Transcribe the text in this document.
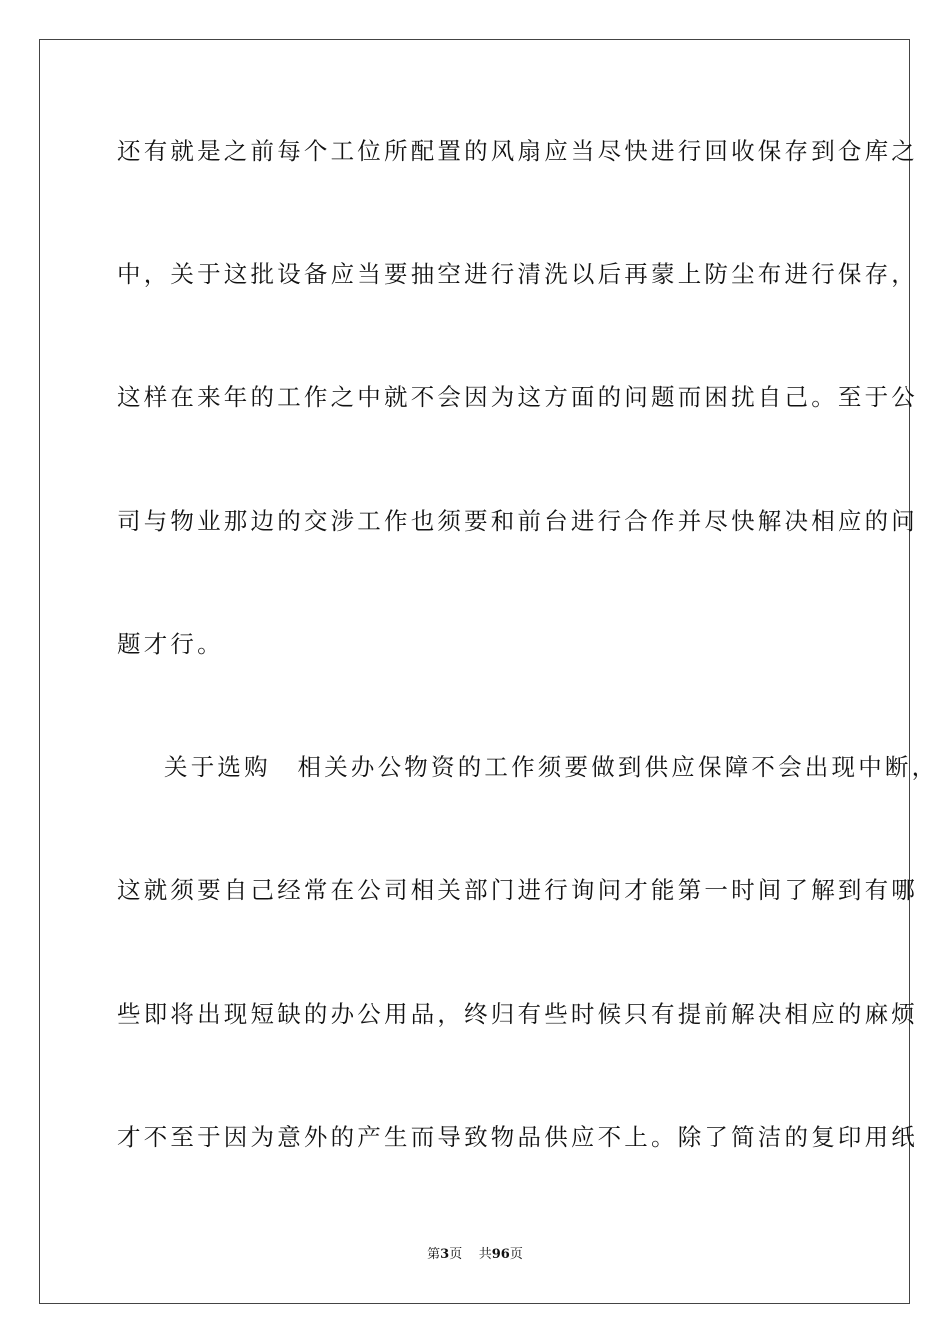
还有就是之前每个工位所配置的风扇应当尽快进行回收保存到仓库之
中，关于这批设备应当要抽空进行清洗以后再蒙上防尘布进行保存，
这样在来年的工作之中就不会因为这方面的问题而困扰自己。至于公
司与物业那边的交涉工作也须要和前台进行合作并尽快解决相应的问
题才行。
关于选购　相关办公物资的工作须要做到供应保障不会出现中断，
这就须要自己经常在公司相关部门进行询问才能第一时间了解到有哪
些即将出现短缺的办公用品，终归有些时候只有提前解决相应的麻烦
才不至于因为意外的产生而导致物品供应不上。除了简洁的复印用纸
第3页 共96页
